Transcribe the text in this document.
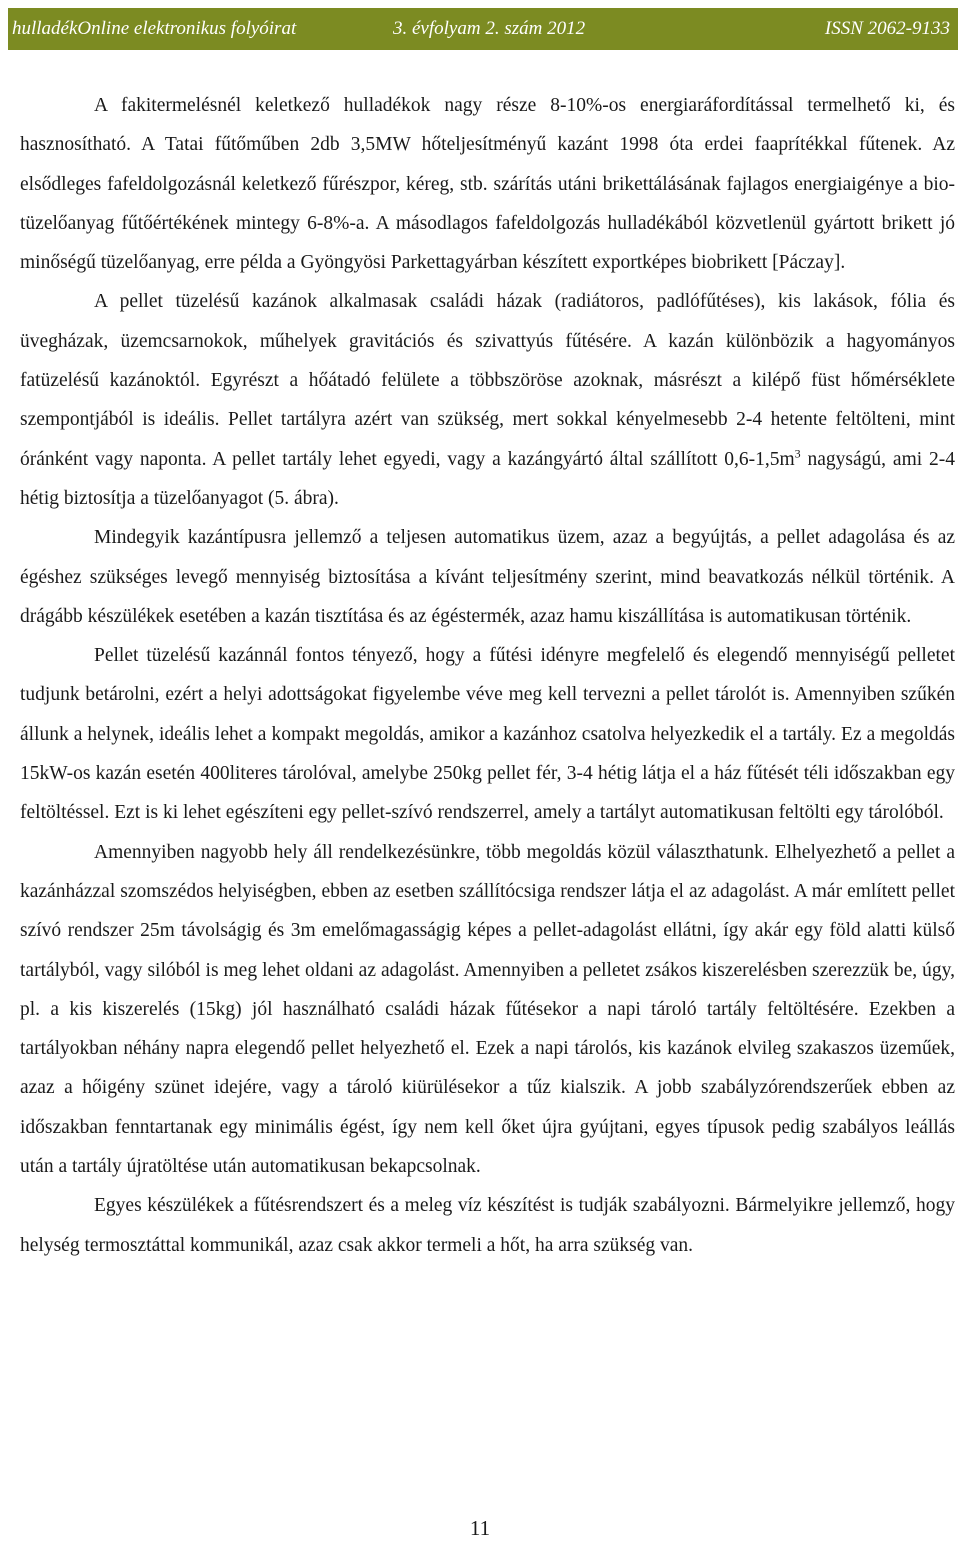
hulladékOnline elektronikus folyóirat	3. évfolyam 2. szám 2012	ISSN 2062-9133

A fakitermelésnél keletkező hulladékok nagy része 8-10%-os energiaráfordítással termelhető ki, és hasznosítható. A Tatai fűtőműben 2db 3,5MW hőteljesítményű kazánt 1998 óta erdei faaprítékkal fűtenek. Az elsődleges fafeldolgozásnál keletkező fűrészpor, kéreg, stb. szárítás utáni brikettálásának fajlagos energiaigénye a bio-tüzelőanyag fűtőértékének mintegy 6-8%-a. A másodlagos fafeldolgozás hulladékából közvetlenül gyártott brikett jó minőségű tüzelőanyag, erre példa a Gyöngyösi Parkettagyárban készített exportképes biobrikett [Páczay].

A pellet tüzelésű kazánok alkalmasak családi házak (radiátoros, padlófűtéses), kis lakások, fólia és üvegházak, üzemcsarnokok, műhelyek gravitációs és szivattyús fűtésére. A kazán különbözik a hagyományos fatüzelésű kazánoktól. Egyrészt a hőátadó felülete a többszöröse azoknak, másrészt a kilépő füst hőmérséklete szempontjából is ideális. Pellet tartályra azért van szükség, mert sokkal kényelmesebb 2-4 hetente feltölteni, mint óránként vagy naponta. A pellet tartály lehet egyedi, vagy a kazángyártó által szállított $0,6-1,5m^3$ nagyságú, ami 2-4 hétig biztosítja a tüzelőanyagot (5. ábra).

Mindegyik kazántípusra jellemző a teljesen automatikus üzem, azaz a begyújtás, a pellet adagolása és az égéshez szükséges levegő mennyiség biztosítása a kívánt teljesítmény szerint, mind beavatkozás nélkül történik. A drágább készülékek esetében a kazán tisztítása és az égéstermék, azaz hamu kiszállítása is automatikusan történik.

Pellet tüzelésű kazánnál fontos tényező, hogy a fűtési idényre megfelelő és elegendő mennyiségű pelletet tudjunk betárolni, ezért a helyi adottságokat figyelembe véve meg kell tervezni a pellet tárolót is. Amennyiben szűkén állunk a helynek, ideális lehet a kompakt megoldás, amikor a kazánhoz csatolva helyezkedik el a tartály. Ez a megoldás 15kW-os kazán esetén 400literes tárolóval, amelybe 250kg pellet fér, 3-4 hétig látja el a ház fűtését téli időszakban egy feltöltéssel. Ezt is ki lehet egészíteni egy pellet-szívó rendszerrel, amely a tartályt automatikusan feltölti egy tárolóból.

Amennyiben nagyobb hely áll rendelkezésünkre, több megoldás közül választhatunk. Elhelyezhető a pellet a kazánházzal szomszédos helyiségben, ebben az esetben szállítócsiga rendszer látja el az adagolást. A már említett pellet szívó rendszer 25m távolságig és 3m emelőmagasságig képes a pellet-adagolást ellátni, így akár egy föld alatti külső tartályból, vagy silóból is meg lehet oldani az adagolást. Amennyiben a pelletet zsákos kiszerelésben szerezzük be, úgy, pl. a kis kiszerelés (15kg) jól használható családi házak fűtésekor a napi tároló tartály feltöltésére. Ezekben a tartályokban néhány napra elegendő pellet helyezhető el. Ezek a napi tárolós, kis kazánok elvileg szakaszos üzeműek, azaz a hőigény szünet idejére, vagy a tároló kiürülésekor a tűz kialszik. A jobb szabályzórendszerűek ebben az időszakban fenntartanak egy minimális égést, így nem kell őket újra gyújtani, egyes típusok pedig szabályos leállás után a tartály újratöltése után automatikusan bekapcsolnak.

Egyes készülékek a fűtésrendszert és a meleg víz készítést is tudják szabályozni. Bármelyikre jellemző, hogy helység termosztáttal kommunikál, azaz csak akkor termeli a hőt, ha arra szükség van.

11
